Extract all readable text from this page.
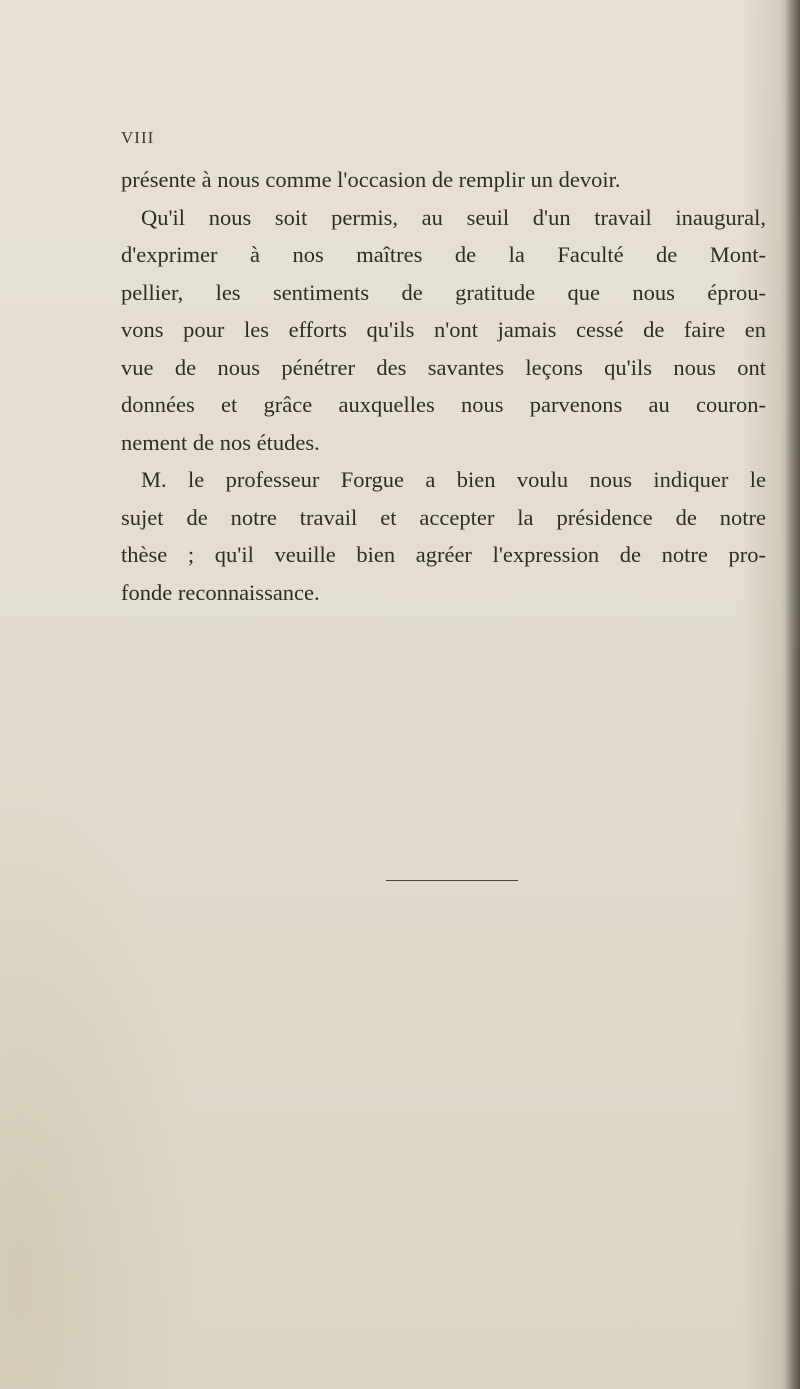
VIII
présente à nous comme l'occasion de remplir un devoir.
Qu'il nous soit permis, au seuil d'un travail inaugural,
d'exprimer à nos maîtres de la Faculté de Mont-
pellier, les sentiments de gratitude que nous éprou-
vons pour les efforts qu'ils n'ont jamais cessé de faire en
vue de nous pénétrer des savantes leçons qu'ils nous ont
données et grâce auxquelles nous parvenons au couron-
nement de nos études.
M. le professeur Forgue a bien voulu nous indiquer le
sujet de notre travail et accepter la présidence de notre
thèse ; qu'il veuille bien agréer l'expression de notre pro-
fonde reconnaissance.
